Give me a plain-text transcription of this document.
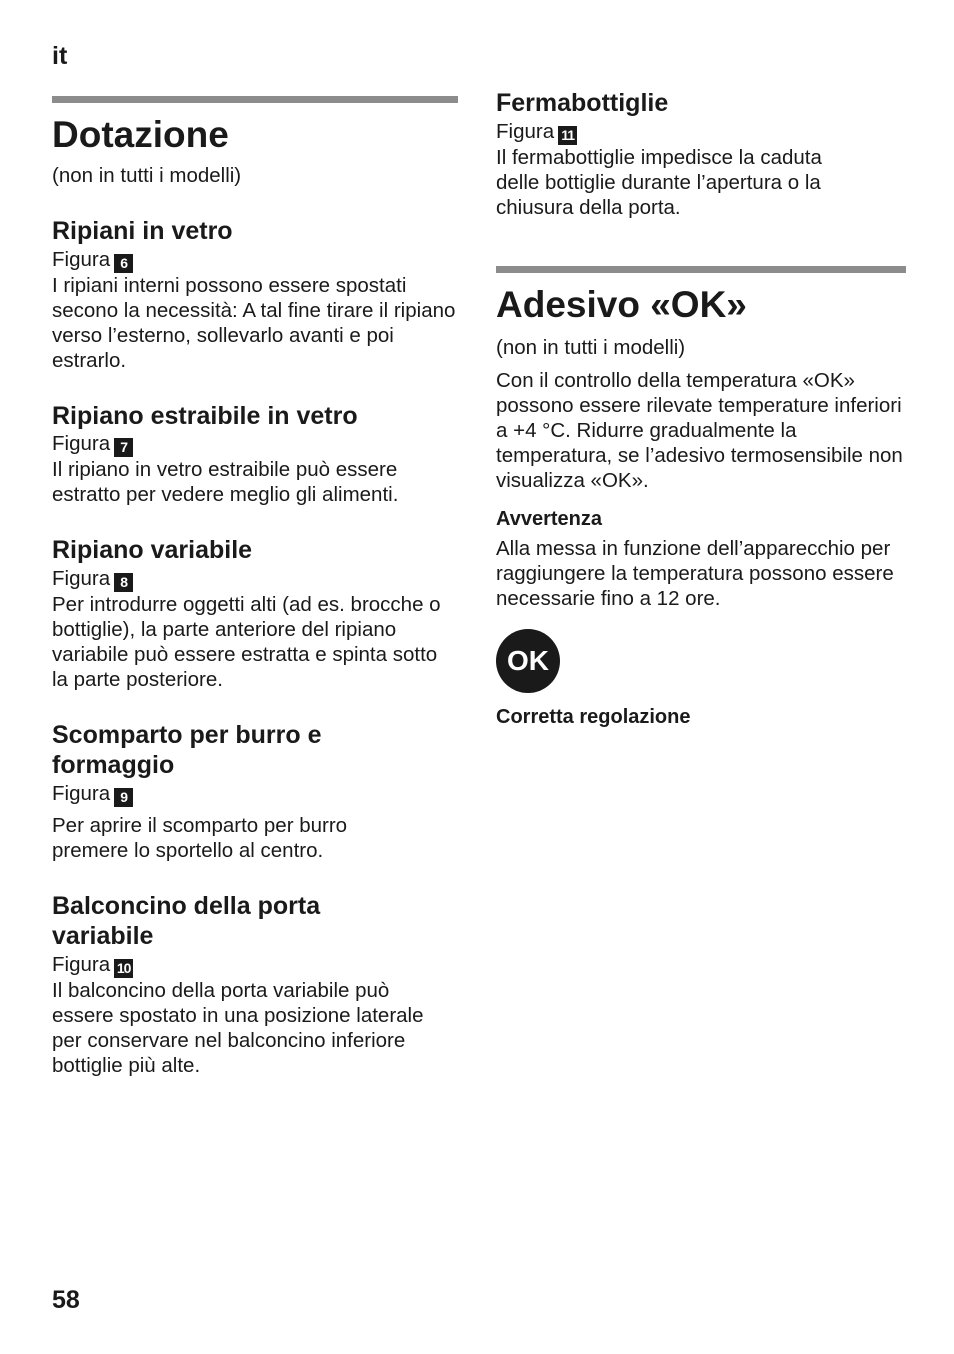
it
Dotazione
(non in tutti i modelli)
Ripiani in vetro
Figura 6
I ripiani interni possono essere spostati seconо la necessità: A tal fine tirare il ripiano verso l’esterno, sollevarlo avanti e poi estrarlo.
Ripiano estraibile in vetro
Figura 7
Il ripiano in vetro estraibile può essere estratto per vedere meglio gli alimenti.
Ripiano variabile
Figura 8
Per introdurre oggetti alti (ad es. brocche o bottiglie), la parte anteriore del ripiano variabile può essere estratta e spinta sotto la parte posteriore.
Scomparto per burro e formaggio
Figura 9
Per aprire il scomparto per burro premere lo sportello al centro.
Balconcino della porta variabile
Figura 10
Il balconcino della porta variabile può essere spostato in una posizione laterale per conservare nel balconcino inferiore bottiglie più alte.
Fermabottiglie
Figura 11
Il fermabottiglie impedisce la caduta delle bottiglie durante l’apertura o la chiusura della porta.
Adesivo «OK»
(non in tutti i modelli)
Con il controllo della temperatura «OK» possono essere rilevate temperature inferiori a +4 °C. Ridurre gradualmente la temperatura, se l’adesivo termosensibile non visualizza «OK».
Avvertenza
Alla messa in funzione dell’apparecchio per raggiungere la temperatura possono essere necessarie fino a 12 ore.
OK
Corretta regolazione
58
